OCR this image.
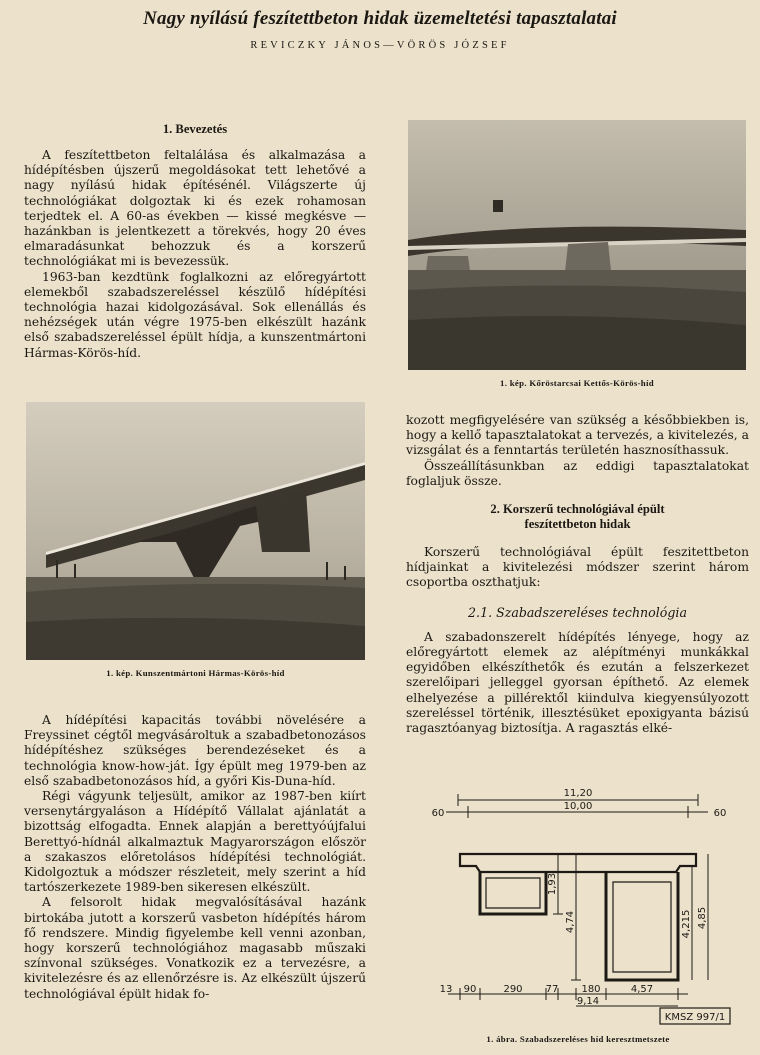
Nagy nyílású feszítettbeton hidak üzemeltetési tapasztalatai
REVICZKY JÁNOS—VÖRÖS JÓZSEF
1. Bevezetés

A feszítettbeton feltalálása és alkalmazása a hídépítésben újszerű megoldásokat tett lehetővé a nagy nyílású hidak építésénél. Világszerte új technológiákat dolgoztak ki és ezek rohamosan terjedtek el. A 60-as években — kissé megkésve — hazánkban is jelentkezett a törekvés, hogy 20 éves elmaradásunkat behozzuk és a korszerű technológiákat mi is bevezessük.

1963-ban kezdtünk foglalkozni az előregyártott elemekből szabadszereléssel készülő hídépítési technológia hazai kidolgozásával. Sok ellenállás és nehézségek után végre 1975-ben elkészült hazánk első szabadszereléssel épült hídja, a kunszentmártoni Hármas-Körös-híd.

1. kép. Kőröstarcsai Kettős-Körös-híd
1. kép. Kunszentmártoni Hármas-Körös-híd

A hídépítési kapacitás további növelésére a Freyssinet cégtől megvásároltuk a szabadbetonozásos hídépítéshez szükséges berendezéseket és a technológia know-how-ját. Így épült meg 1979-ben az első szabadbetonozásos híd, a győri Kis-Duna-híd.

Régi vágyunk teljesült, amikor az 1987-ben kiírt versenytárgyaláson a Hídépítő Vállalat ajánlatát a bizottság elfogadta. Ennek alapján a berettyóújfalui Berettyó-hídnál alkalmaztuk Magyarországon először a szakaszos előretolásos hídépítési technológiát. Kidolgoztuk a módszer részleteit, mely szerint a híd tartószerkezete 1989-ben sikeresen elkészült.

A felsorolt hidak megvalósításával hazánk birtokába jutott a korszerű vasbeton hídépítés három fő rendszere. Mindig figyelembe kell venni azonban, hogy korszerű technológiához magasabb műszaki színvonal szükséges. Vonatkozik ez a tervezésre, a kivitelezésre és az ellenőrzésre is. Az elkészült újszerű technológiával épült hidak fo-

kozott megfigyelésére van szükség a későbbiekben is, hogy a kellő tapasztalatokat a tervezés, a kivitelezés, a vizsgálat és a fenntartás területén hasznosíthassuk.

Összeállításunkban az eddigi tapasztalatokat foglaljuk össze.

2. Korszerű technológiával épült
feszítettbeton hidak

Korszerű technológiával épült feszitettbeton hídjainkat a kivitelezési módszer szerint három csoportba oszthatjuk:

2.1. Szabadszereléses technológia

A szabadonszerelt hídépítés lényege, hogy az előregyártott elemek az alépítményi munkákkal egyidőben elkészíthetők és ezután a felszerkezet szerelőipari jelleggel gyorsan építhető. Az elemek elhelyezése a pillérektől kiindulva kiegyensúlyozott szereléssel történik, illesztésüket epoxigyanta bázisú ragasztóanyag biztosítja. A ragasztás elké-

11,20
10,00
60	60
1,93
4,74	4,215 4,85
13 90	290 77 180	4,57
9,14
KMSZ 997/1
1. ábra. Szabadszereléses híd keresztmetszete
